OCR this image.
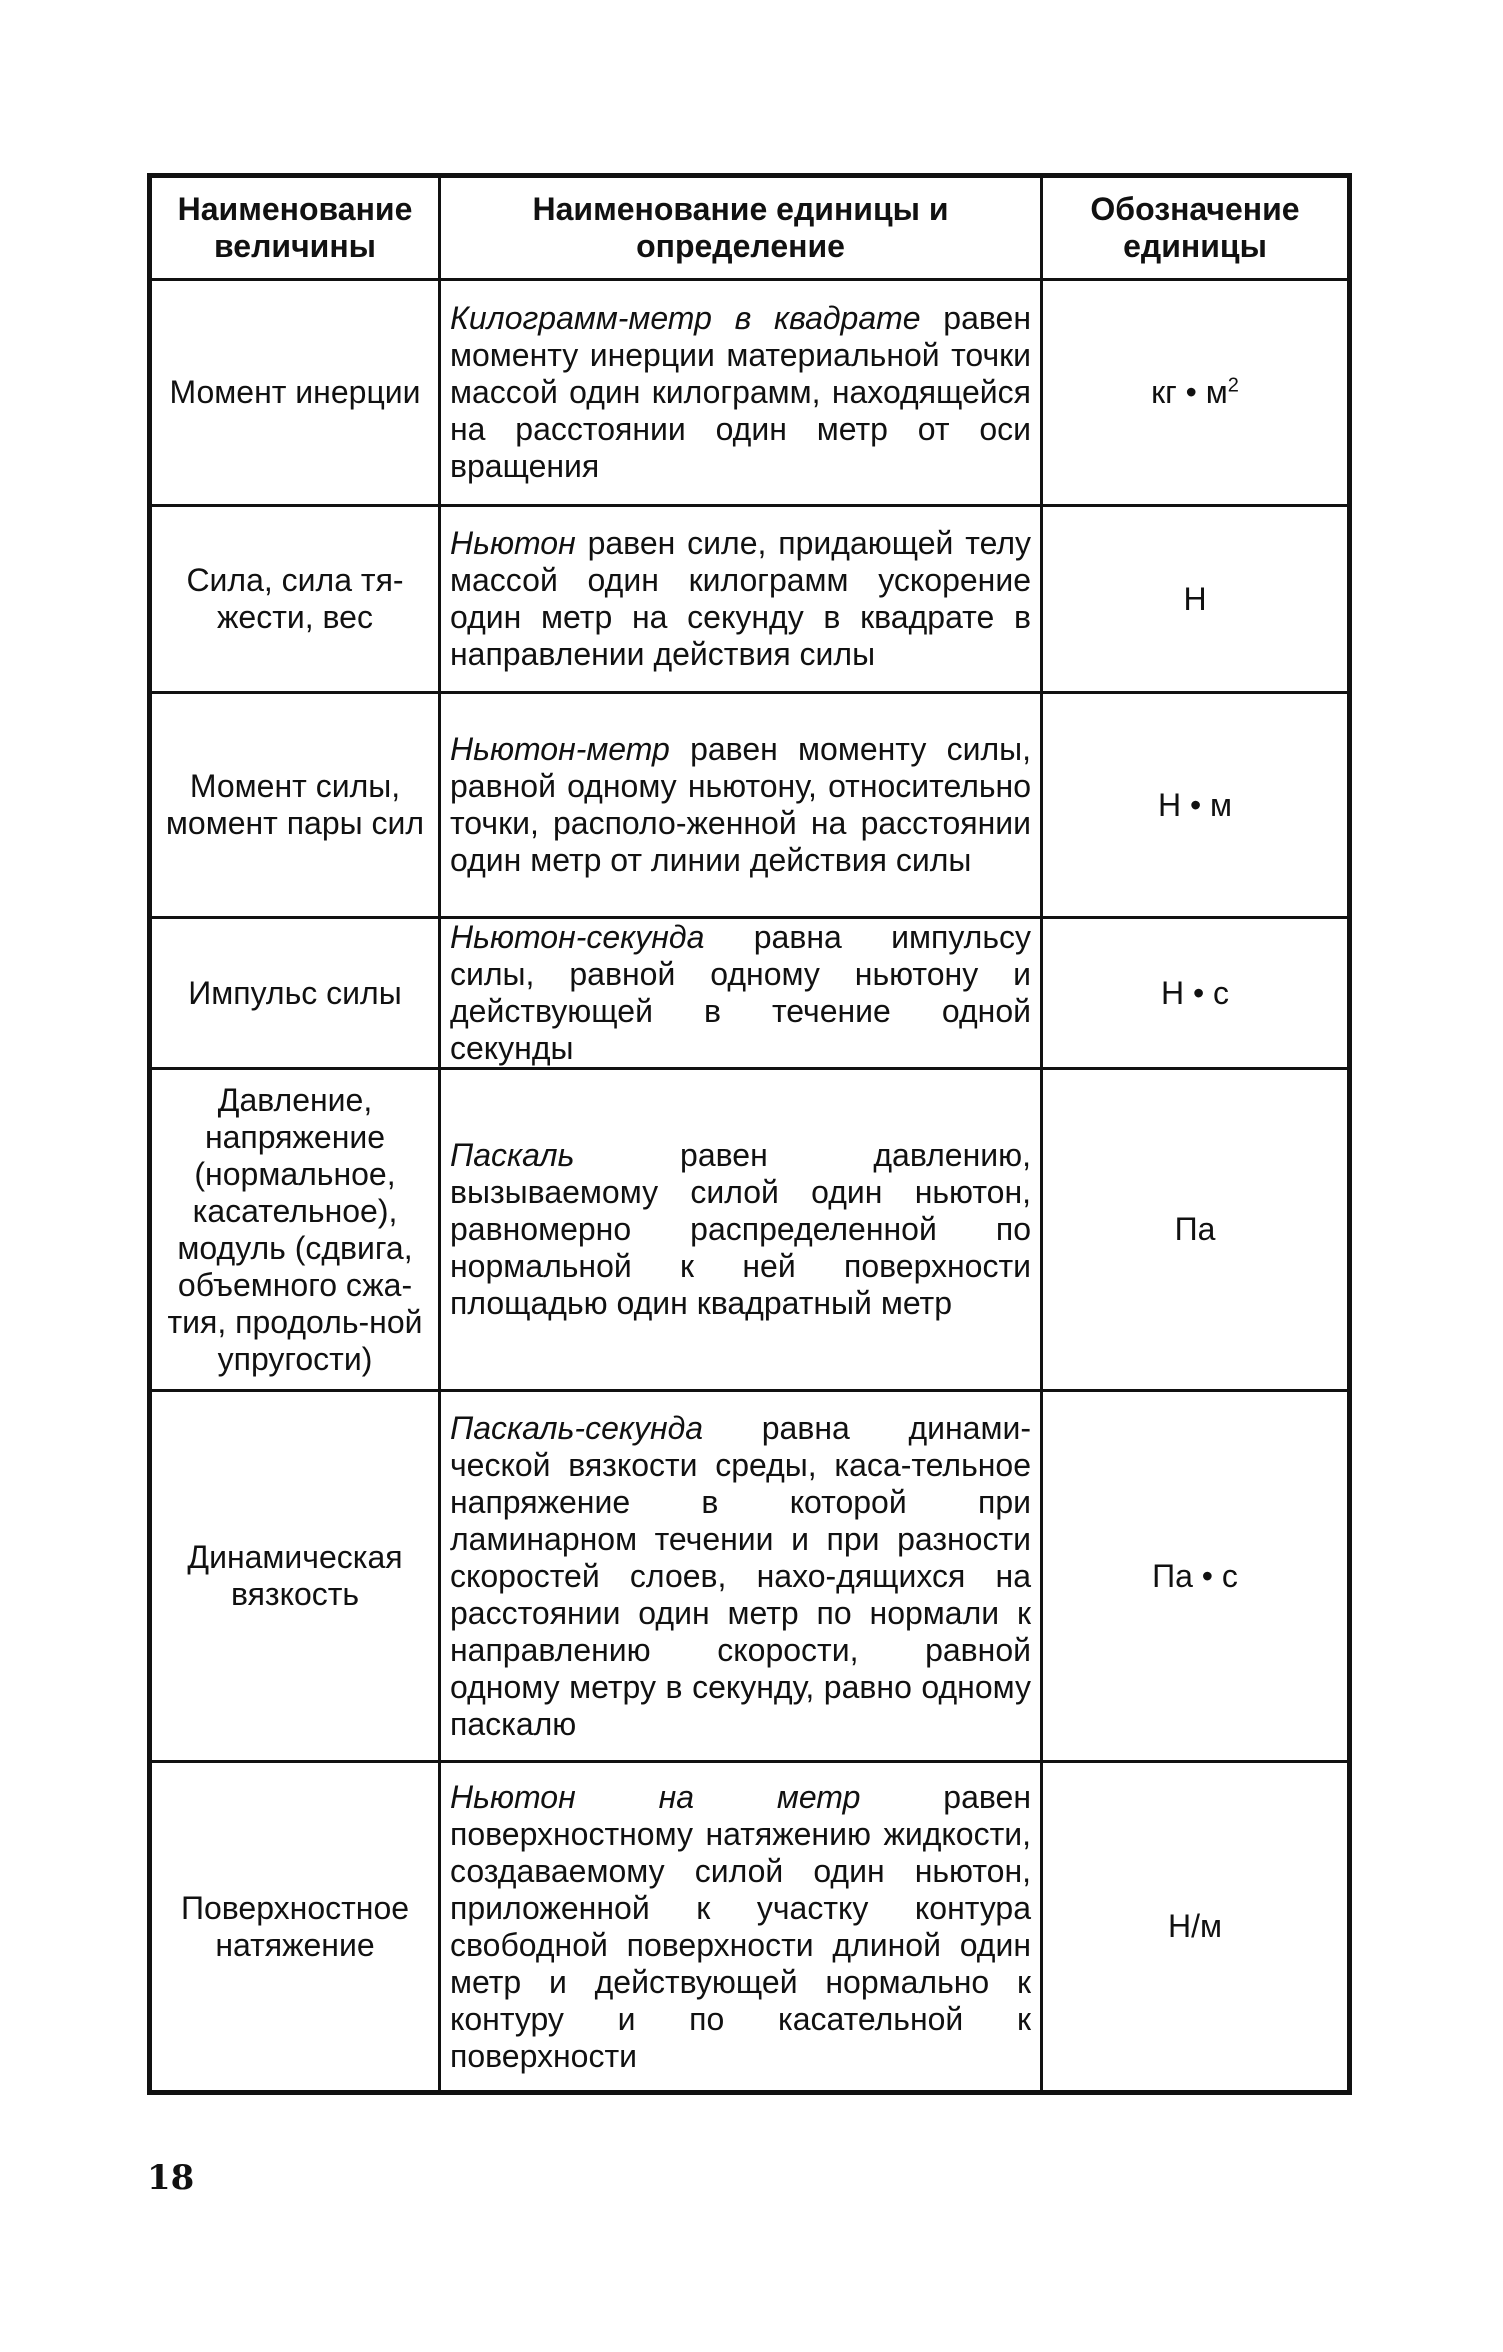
Наименование величины	Наименование единицы и определение	Обозначение единицы
Момент инерции	Килограмм-метр в квадрате равен моменту инерции материальной точки массой один килограмм, находящейся на расстоянии один метр от оси вращения	кг • $м^2$
Сила, сила тя-жести, вес	Ньютон равен силе, придающей телу массой один килограмм ускорение один метр на секунду в квадрате в направлении действия силы	Н
Момент силы, момент пары сил	Ньютон-метр равен моменту силы, равной одному ньютону, относительно точки, располо-женной на расстоянии один метр от линии действия силы	Н • м
Импульс силы	Ньютон-секунда равна импульсу силы, равной одному ньютону и действующей в течение одной секунды	Н • с
Давление, напряжение (нормальное, касательное), модуль (сдвига, объемного сжа-тия, продоль-ной упругости)	Паскаль равен давлению, вызываемому силой один ньютон, равномерно распределенной по нормальной к ней поверхности площадью один квадратный метр	Па
Динамическая вязкость	Паскаль-секунда равна динами-ческой вязкости среды, каса-тельное напряжение в которой при ламинарном течении и при разности скоростей слоев, нахо-дящихся на расстоянии один метр по нормали к направлению скорости, равной одному метру в секунду, равно одному паскалю	Па • с
Поверхностное натяжение	Ньютон на метр равен поверхностному натяжению жидкости, создаваемому силой один ньютон, приложенной к участку контура свободной поверхности длиной один метр и действующей нормально к контуру и по касательной к поверхности	Н/м
18
